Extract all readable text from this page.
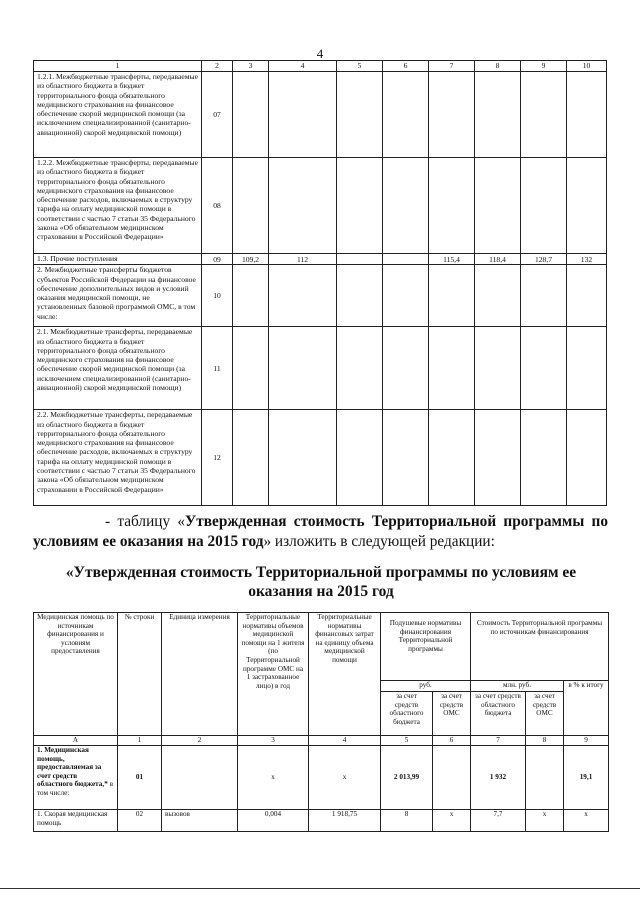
4
1	2	3	4	5	6	7	8	9	10
1.2.1. Межбюджетные трансферты, передаваемые из областного бюджета в бюджет территориального фонда обязательного медицинского страхования на финансовое обеспечение скорой медицинской помощи (за исключением специализированной (санитарно-авиационной) скорой медицинской помощи)	07								
1.2.2. Межбюджетные трансферты, передаваемые из областного бюджета в бюджет территориального фонда обязательного медицинского страхования на финансовое обеспечение расходов, включаемых в структуру тарифа на оплату медицинской помощи в соответствии с частью 7 статьи 35 Федерального закона «Об обязательном медицинском страховании в Российской Федерации»	08								
1.3. Прочие поступления	09	109,2	112			115,4	118,4	128,7	132
2. Межбюджетные трансферты бюджетов субъектов Российской Федерации на финансовое обеспечение дополнительных видов и условий оказания медицинской помощи, не установленных базовой программой ОМС, в том числе:	10								
2.1. Межбюджетные трансферты, передаваемые из областного бюджета в бюджет территориального фонда обязательного медицинского страхования на финансовое обеспечение скорой медицинской помощи (за исключением специализированной (санитарно-авиационной) скорой медицинской помощи)	11								
2.2. Межбюджетные трансферты, передаваемые из областного бюджета в бюджет территориального фонда обязательного медицинского страхования на финансовое обеспечение расходов, включаемых в структуру тарифа на оплату медицинской помощи в соответствии с частью 7 статьи 35 Федерального закона «Об обязательном медицинском страховании в Российской Федерации»	12								
- таблицу «Утвержденная стоимость Территориальной программы по условиям ее оказания на 2015 год» изложить в следующей редакции:
«Утвержденная стоимость Территориальной программы по условиям ее оказания на 2015 год
Медицинская помощь по источникам финансирования и условиям предоставления	№ строки	Единица измерения	Территориальные нормативы объемов медицинской помощи на 1 жителя (по Территориальной программе ОМС на 1 застрахованное лицо) в год	Территориальные нормативы финансовых затрат на единицу объема медицинской помощи	Подушевые нормативы финансирования Территориальной программы		Стоимость Территориальной программы по источникам финансирования		
					руб.		млн. руб.		в % к итогу
					за счет средств областного бюджета	за счет средств ОМС	за счет средств областного бюджета	за счет средств ОМС	
А	1	2	3	4	5	6	7	8	9
1. Медицинская помощь, предоставляемая за счет средств областного бюджета,* в том числе:	01		x	x	2 013,99		1 932		19,1
1. Скорая медицинская помощь	02	вызовов	0,004	1 918,75	8	x	7,7	x	x
